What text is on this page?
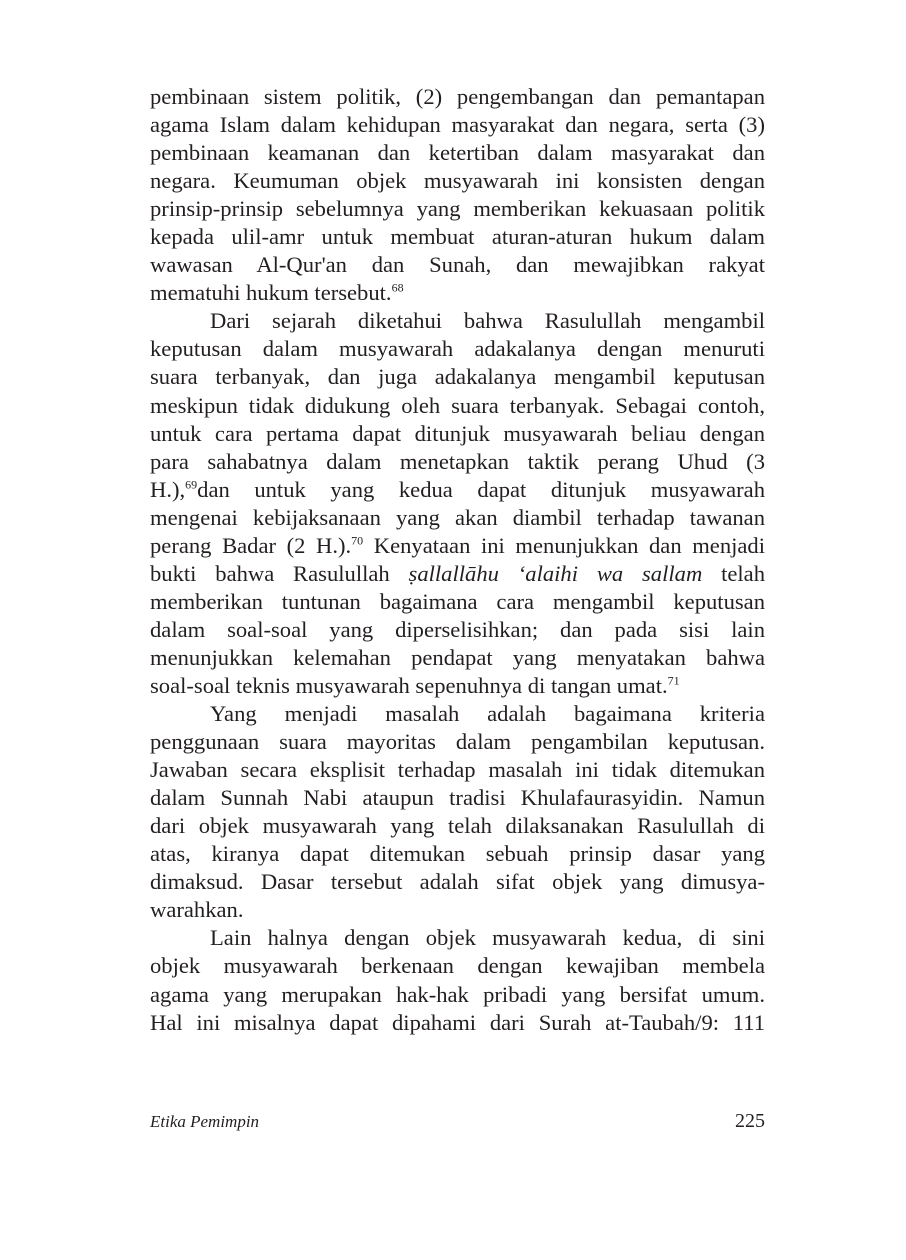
pembinaan sistem politik, (2) pengembangan dan pemantapan
agama Islam dalam kehidupan masyarakat dan negara, serta (3)
pembinaan keamanan dan ketertiban dalam masyarakat dan
negara. Keumuman objek musyawarah ini konsisten dengan
prinsip-prinsip sebelumnya yang memberikan kekuasaan politik
kepada ulil-amr untuk membuat aturan-aturan hukum dalam
wawasan Al-Qur'an dan Sunah, dan mewajibkan rakyat
mematuhi hukum tersebut.$^{68}$
Dari sejarah diketahui bahwa Rasulullah mengambil
keputusan dalam musyawarah adakalanya dengan menuruti
suara terbanyak, dan juga adakalanya mengambil keputusan
meskipun tidak didukung oleh suara terbanyak. Sebagai contoh,
untuk cara pertama dapat ditunjuk musyawarah beliau dengan
para sahabatnya dalam menetapkan taktik perang Uhud (3
H.),$^{69}$dan untuk yang kedua dapat ditunjuk musyawarah
mengenai kebijaksanaan yang akan diambil terhadap tawanan
perang Badar (2 H.).$^{70}$ Kenyataan ini menunjukkan dan menjadi
bukti bahwa Rasulullah ṣallallāhu ‘alaihi wa sallam telah
memberikan tuntunan bagaimana cara mengambil keputusan
dalam soal-soal yang diperselisihkan; dan pada sisi lain
menunjukkan kelemahan pendapat yang menyatakan bahwa
soal-soal teknis musyawarah sepenuhnya di tangan umat.$^{71}$
Yang menjadi masalah adalah bagaimana kriteria
penggunaan suara mayoritas dalam pengambilan keputusan.
Jawaban secara eksplisit terhadap masalah ini tidak ditemukan
dalam Sunnah Nabi ataupun tradisi Khulafaurasyidin. Namun
dari objek musyawarah yang telah dilaksanakan Rasulullah di
atas, kiranya dapat ditemukan sebuah prinsip dasar yang
dimaksud. Dasar tersebut adalah sifat objek yang dimusya-
warahkan.
Lain halnya dengan objek musyawarah kedua, di sini
objek musyawarah berkenaan dengan kewajiban membela
agama yang merupakan hak-hak pribadi yang bersifat umum.
Hal ini misalnya dapat dipahami dari Surah at-Taubah/9: 111
Etika Pemimpin	225
